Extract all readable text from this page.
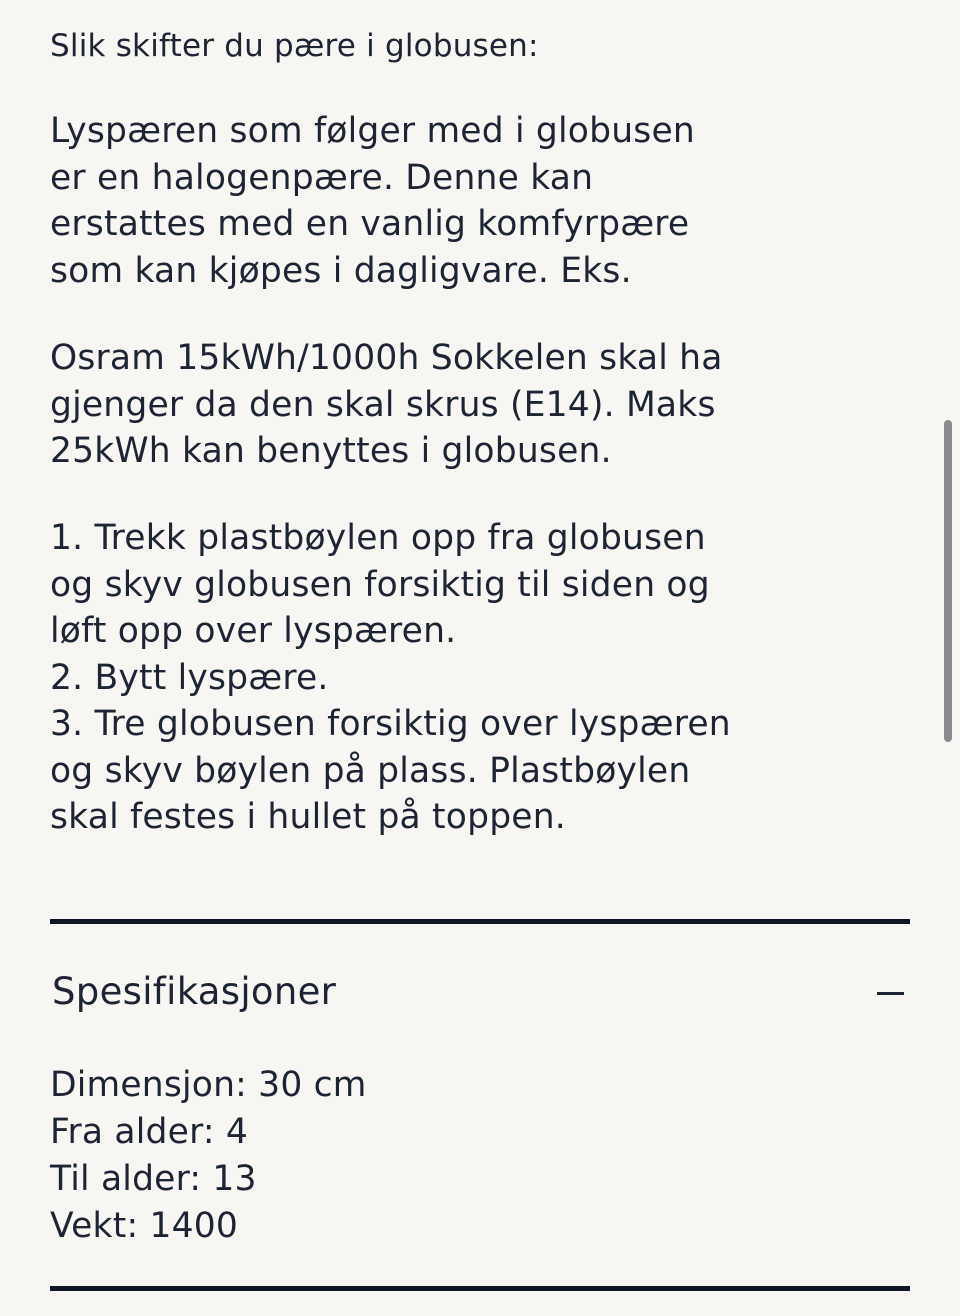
Slik skifter du pære i globusen:
Lyspæren som følger med i globusen
er en halogenpære. Denne kan
erstattes med en vanlig komfyrpære
som kan kjøpes i dagligvare. Eks.
Osram 15kWh/1000h Sokkelen skal ha
gjenger da den skal skrus (E14). Maks
25kWh kan benyttes i globusen.
1. Trekk plastbøylen opp fra globusen
og skyv globusen forsiktig til siden og
løft opp over lyspæren.
2. Bytt lyspære.
3. Tre globusen forsiktig over lyspæren
og skyv bøylen på plass. Plastbøylen
skal festes i hullet på toppen.
Spesifikasjoner
Dimensjon: 30 cm
Fra alder: 4
Til alder: 13
Vekt: 1400
